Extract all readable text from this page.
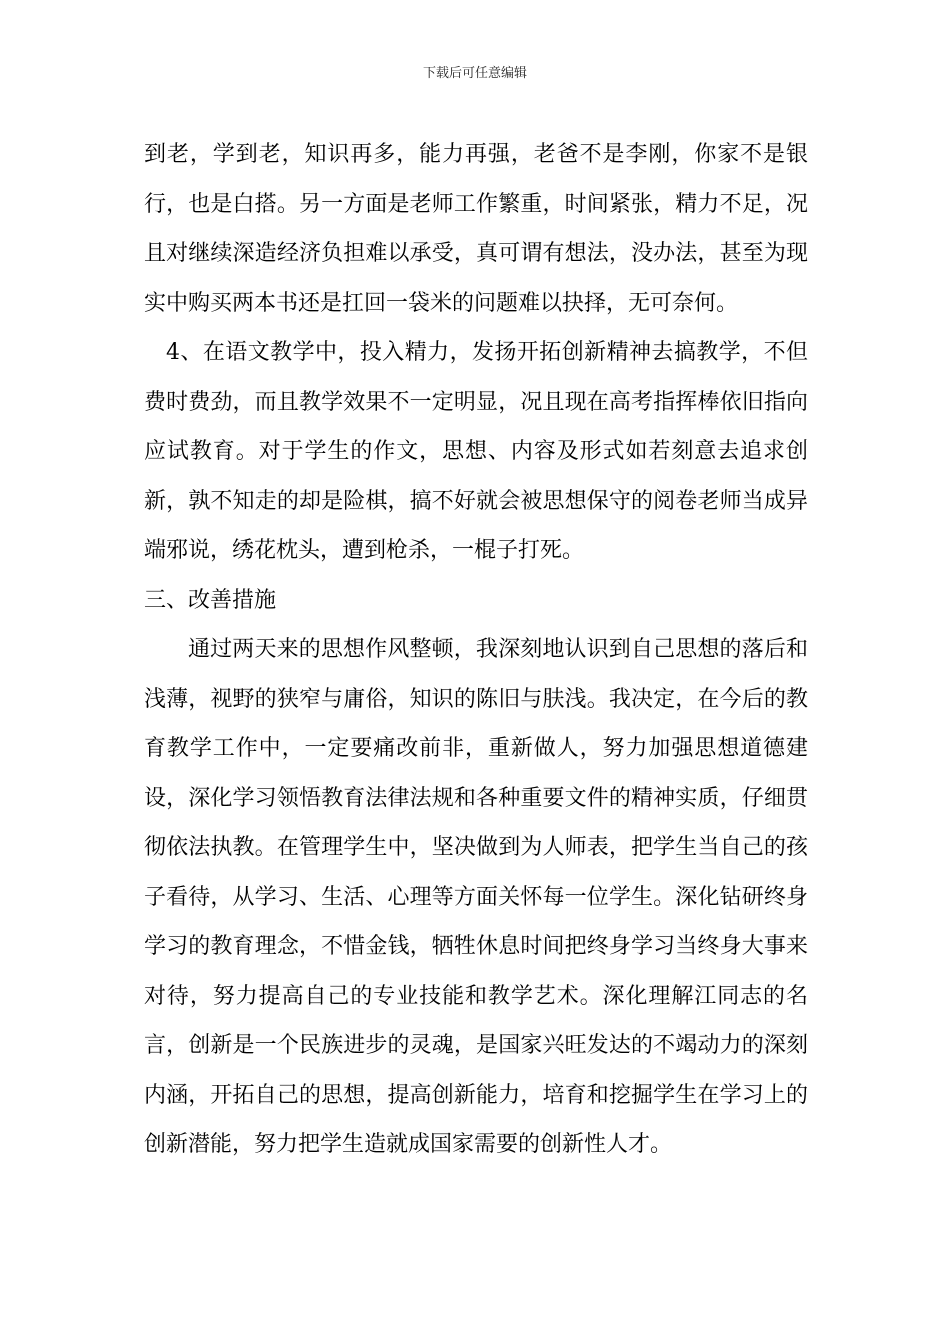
下载后可任意编辑

到老，学到老，知识再多，能力再强，老爸不是李刚，你家不是银行，也是白搭。另一方面是老师工作繁重，时间紧张，精力不足，况且对继续深造经济负担难以承受，真可谓有想法，没办法，甚至为现实中购买两本书还是扛回一袋米的问题难以抉择，无可奈何。

4、在语文教学中，投入精力，发扬开拓创新精神去搞教学，不但费时费劲，而且教学效果不一定明显，况且现在高考指挥棒依旧指向应试教育。对于学生的作文，思想、内容及形式如若刻意去追求创新，孰不知走的却是险棋，搞不好就会被思想保守的阅卷老师当成异端邪说，绣花枕头，遭到枪杀，一棍子打死。

三、改善措施

通过两天来的思想作风整顿，我深刻地认识到自己思想的落后和浅薄，视野的狭窄与庸俗，知识的陈旧与肤浅。我决定，在今后的教育教学工作中，一定要痛改前非，重新做人，努力加强思想道德建设，深化学习领悟教育法律法规和各种重要文件的精神实质，仔细贯彻依法执教。在管理学生中，坚决做到为人师表，把学生当自己的孩子看待，从学习、生活、心理等方面关怀每一位学生。深化钻研终身学习的教育理念，不惜金钱，牺牲休息时间把终身学习当终身大事来对待，努力提高自己的专业技能和教学艺术。深化理解江同志的名言，创新是一个民族进步的灵魂，是国家兴旺发达的不竭动力的深刻内涵，开拓自己的思想，提高创新能力，培育和挖掘学生在学习上的创新潜能，努力把学生造就成国家需要的创新性人才。
